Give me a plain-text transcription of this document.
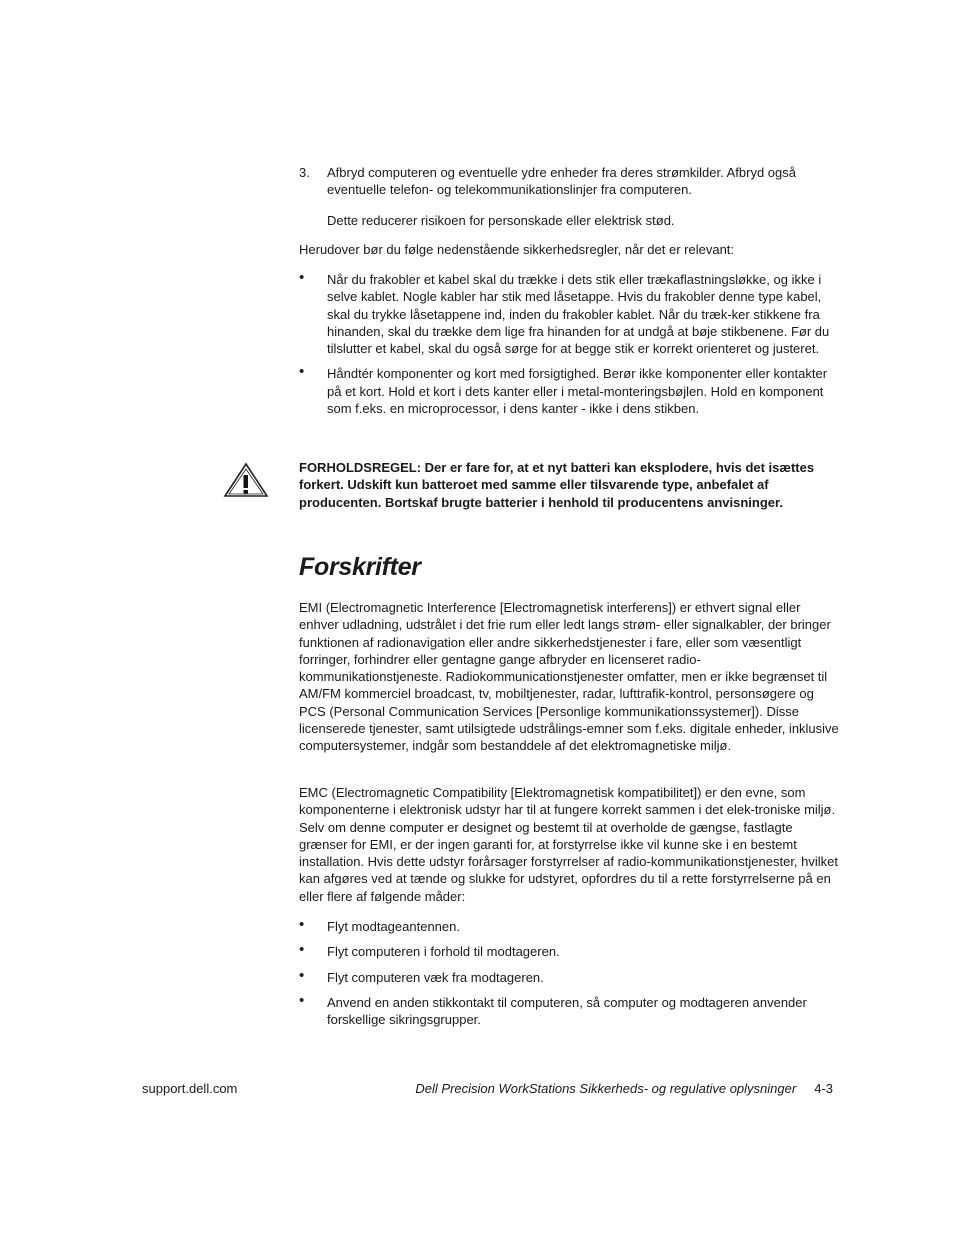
3. Afbryd computeren og eventuelle ydre enheder fra deres strømkilder. Afbryd også eventuelle telefon- og telekommunikationslinjer fra computeren.

Dette reducerer risikoen for personskade eller elektrisk stød.

Herudover bør du følge nedenstående sikkerhedsregler, når det er relevant:

• Når du frakobler et kabel skal du trække i dets stik eller trækaflastningsløkke, og ikke i selve kablet. Nogle kabler har stik med låsetappe. Hvis du frakobler denne type kabel, skal du trykke låsetappene ind, inden du frakobler kablet. Når du træk-ker stikkene fra hinanden, skal du trække dem lige fra hinanden for at undgå at bøje stikbenene. Før du tilslutter et kabel, skal du også sørge for at begge stik er korrekt orienteret og justeret.
• Håndtér komponenter og kort med forsigtighed. Berør ikke komponenter eller kontakter på et kort. Hold et kort i dets kanter eller i metal-monteringsbøjlen. Hold en komponent som f.eks. en microprocessor, i dens kanter - ikke i dens stikben.

FORHOLDSREGEL: Der er fare for, at et nyt batteri kan eksplodere, hvis det isættes forkert. Udskift kun batteroet med samme eller tilsvarende type, anbefalet af producenten. Bortskaf brugte batterier i henhold til producentens anvisninger.

Forskrifter

EMI (Electromagnetic Interference [Electromagnetisk interferens]) er ethvert signal eller enhver udladning, udstrålet i det frie rum eller ledt langs strøm- eller signalkabler, der bringer funktionen af radionavigation eller andre sikkerhedstjenester i fare, eller som væsentligt forringer, forhindrer eller gentagne gange afbryder en licenseret radio-kommunikationstjeneste. Radiokommunicationstjenester omfatter, men er ikke begrænset til AM/FM kommerciel broadcast, tv, mobiltjenester, radar, lufttrafik-kontrol, personsøgere og PCS (Personal Communication Services [Personlige kommunikationssystemer]). Disse licenserede tjenester, samt utilsigtede udstrålings-emner som f.eks. digitale enheder, inklusive computersystemer, indgår som bestanddele af det elektromagnetiske miljø.

EMC (Electromagnetic Compatibility [Elektromagnetisk kompatibilitet]) er den evne, som komponenterne i elektronisk udstyr har til at fungere korrekt sammen i det elek-troniske miljø. Selv om denne computer er designet og bestemt til at overholde de gængse, fastlagte grænser for EMI, er der ingen garanti for, at forstyrrelse ikke vil kunne ske i en bestemt installation. Hvis dette udstyr forårsager forstyrrelser af radio-kommunikationstjenester, hvilket kan afgøres ved at tænde og slukke for udstyret, opfordres du til a rette forstyrrelserne på en eller flere af følgende måder:

• Flyt modtageantennen.
• Flyt computeren i forhold til modtageren.
• Flyt computeren væk fra modtageren.
• Anvend en anden stikkontakt til computeren, så computer og modtageren anvender forskellige sikringsgrupper.
support.dell.com	Dell Precision WorkStations Sikkerheds- og regulative oplysninger 4-3
